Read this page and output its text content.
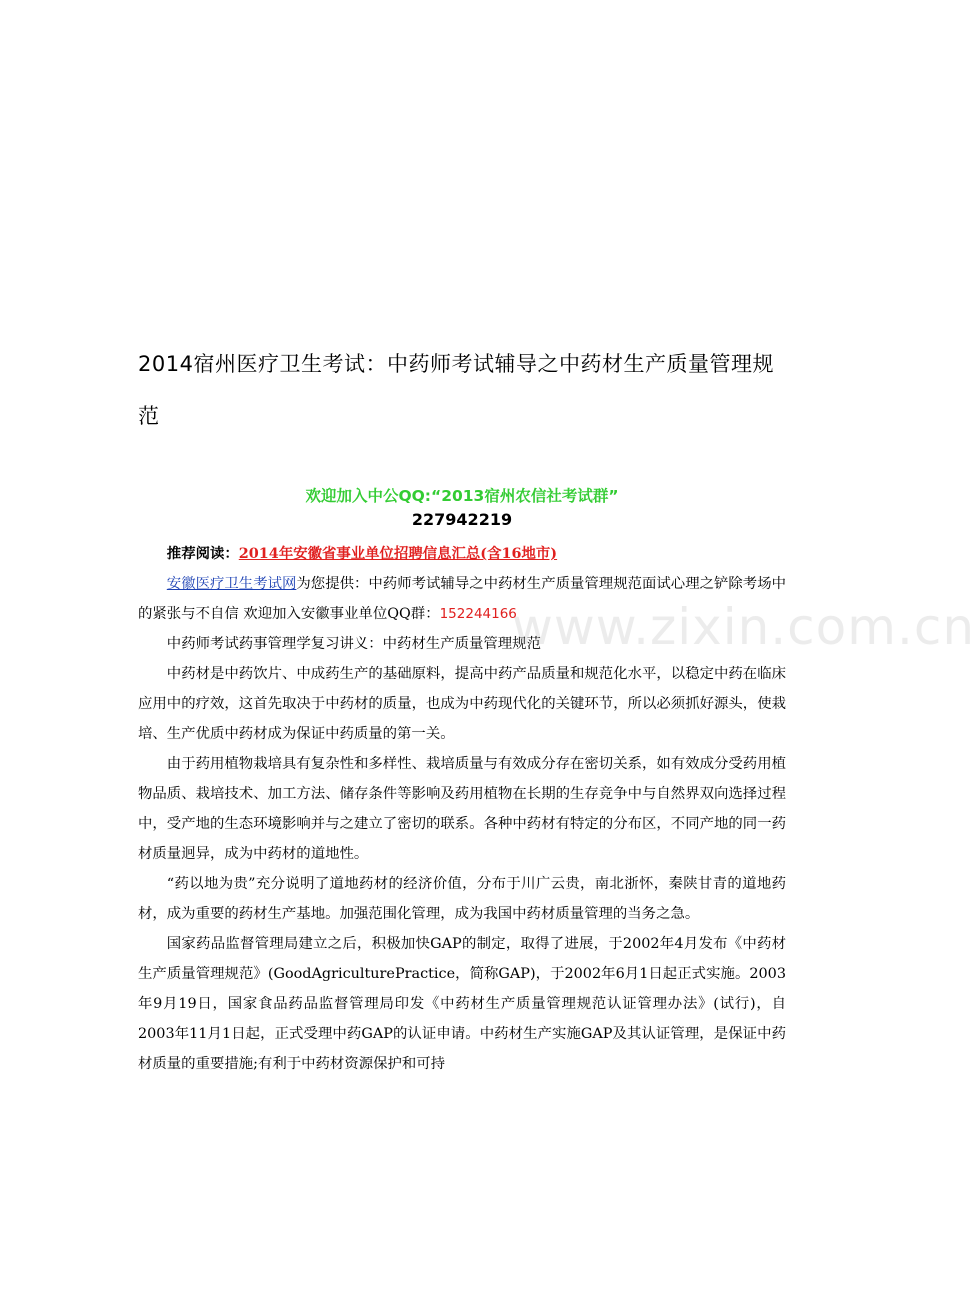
2014宿州医疗卫生考试：中药师考试辅导之中药材生产质量管理规范
欢迎加入中公QQ:“2013宿州农信社考试群”
227942219

推荐阅读：2014年安徽省事业单位招聘信息汇总(含16地市)

安徽医疗卫生考试网为您提供：中药师考试辅导之中药材生产质量管理规范面试心理之铲除考场中的紧张与不自信 欢迎加入安徽事业单位QQ群：152244166

中药师考试药事管理学复习讲义：中药材生产质量管理规范

中药材是中药饮片、中成药生产的基础原料，提高中药产品质量和规范化水平，以稳定中药在临床应用中的疗效，这首先取决于中药材的质量，也成为中药现代化的关键环节，所以必须抓好源头，使栽培、生产优质中药材成为保证中药质量的第一关。

由于药用植物栽培具有复杂性和多样性、栽培质量与有效成分存在密切关系，如有效成分受药用植物品质、栽培技术、加工方法、储存条件等影响及药用植物在长期的生存竞争中与自然界双向选择过程中，受产地的生态环境影响并与之建立了密切的联系。各种中药材有特定的分布区，不同产地的同一药材质量迥异，成为中药材的道地性。

“药以地为贵”充分说明了道地药材的经济价值，分布于川广云贵，南北浙怀，秦陕甘青的道地药材，成为重要的药材生产基地。加强范围化管理，成为我国中药材质量管理的当务之急。

国家药品监督管理局建立之后，积极加快GAP的制定，取得了进展，于2002年4月发布《中药材生产质量管理规范》(GoodAgriculturePractice，简称GAP)，于2002年6月1日起正式实施。2003年9月19日，国家食品药品监督管理局印发《中药材生产质量管理规范认证管理办法》(试行)，自2003年11月1日起，正式受理中药GAP的认证申请。中药材生产实施GAP及其认证管理，是保证中药材质量的重要措施;有利于中药材资源保护和可持

www.zixin.com.cn
